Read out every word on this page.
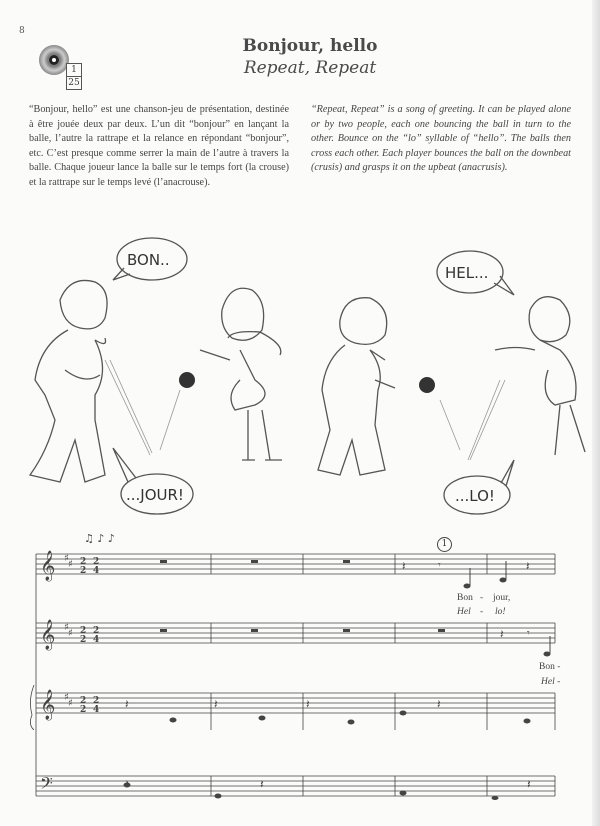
8
1
25
Bonjour, hello
Repeat, Repeat
“Bonjour, hello” est une chanson-jeu de présentation, destinée à être jouée deux par deux. L’un dit “bonjour” en lançant la balle, l’autre la rattrape et la relance en répondant “bonjour”, etc. C’est presque comme serrer la main de l’autre à travers la balle. Chaque joueur lance la balle sur le temps fort (la crouse) et la rattrape sur le temps levé (l’anacrouse).
“Repeat, Repeat” is a song of greeting. It can be played alone or by two people, each one bouncing the ball in turn to the other. Bounce on the “lo” syllable of “hello”. The balls then cross each other. Each player bounces the ball on the downbeat (crusis) and grasps it on the upbeat (anacrusis).
BON..
...JOUR!
HEL...
...LO!
𝄞
𝄞
𝄞
♯
♯
♯
♯
♯
♯
2
2
2
4
2
2
2
4
2
2
2
4
♫ ♪ ♪
𝄽	𝄾	𝄽
𝄽 𝄾
𝄽	𝄽	𝄽	𝄽
1
Bon - jour,
Hel - lo!
Bon -
Hel -
𝄢	𝄽	𝄽
